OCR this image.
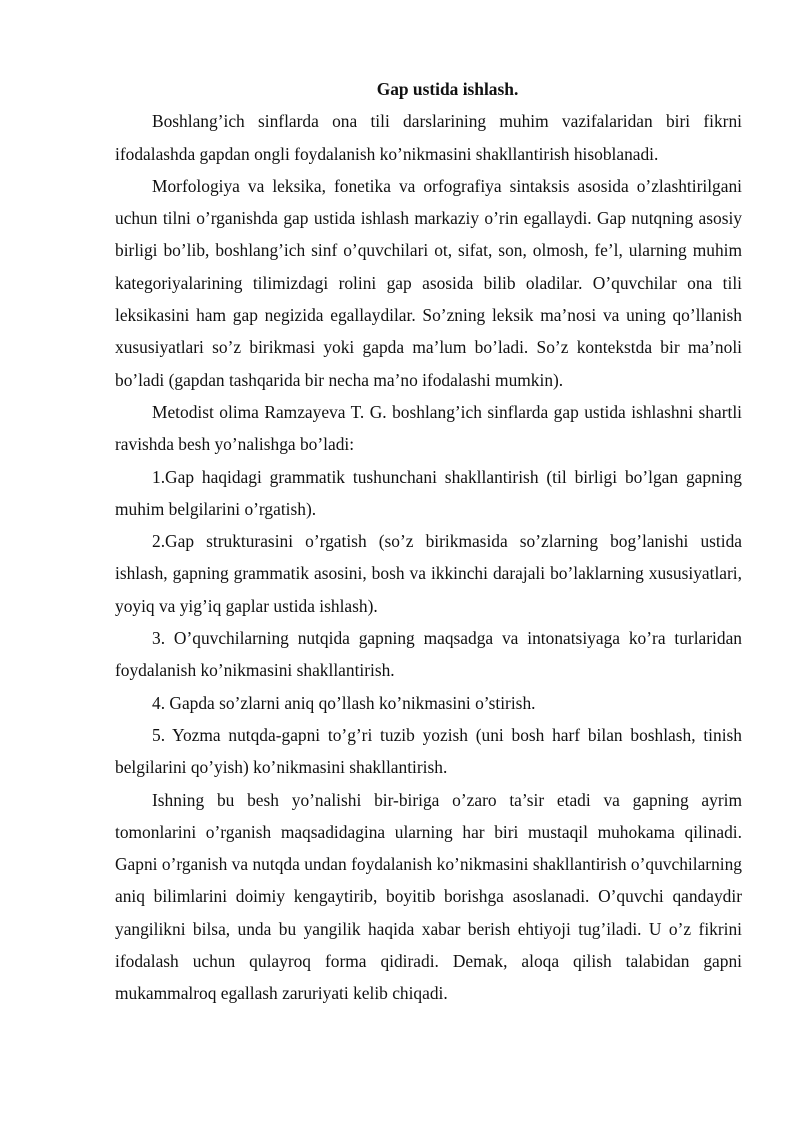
Gap ustida ishlash.

Boshlang’ich sinflarda ona tili darslarining muhim vazifalaridan biri fikrni ifodalashda gapdan ongli foydalanish ko’nikmasini shakllantirish hisoblanadi.

Morfologiya va leksika, fonetika va orfografiya sintaksis asosida o’zlashtirilgani uchun tilni o’rganishda gap ustida ishlash markaziy o’rin egallaydi. Gap nutqning asosiy birligi bo’lib, boshlang’ich sinf o’quvchilari ot, sifat, son, olmosh, fe’l, ularning muhim kategoriyalarining tilimizdagi rolini gap asosida bilib oladilar. O’quvchilar ona tili leksikasini ham gap negizida egallaydilar. So’zning leksik ma’nosi va uning qo’llanish xususiyatlari so’z birikmasi yoki gapda ma’lum bo’ladi. So’z kontekstda bir ma’noli bo’ladi (gapdan tashqarida bir necha ma’no ifodalashi mumkin).

Metodist olima Ramzayeva T. G. boshlang’ich sinflarda gap ustida ishlashni shartli ravishda besh yo’nalishga bo’ladi:

1.Gap haqidagi grammatik tushunchani shakllantirish (til birligi bo’lgan gapning muhim belgilarini o’rgatish).

2.Gap strukturasini o’rgatish (so’z birikmasida so’zlarning bog’lanishi ustida ishlash, gapning grammatik asosini, bosh va ikkinchi darajali bo’laklarning xususiyatlari, yoyiq va yig’iq gaplar ustida ishlash).

3. O’quvchilarning nutqida gapning maqsadga va intonatsiyaga ko’ra turlaridan foydalanish ko’nikmasini shakllantirish.

4. Gapda so’zlarni aniq qo’llash ko’nikmasini o’stirish.

5. Yozma nutqda-gapni to’g’ri tuzib yozish (uni bosh harf bilan boshlash, tinish belgilarini qo’yish) ko’nikmasini shakllantirish.

Ishning bu besh yo’nalishi bir-biriga o’zaro ta’sir etadi va gapning ayrim tomonlarini o’rganish maqsadidagina ularning har biri mustaqil muhokama qilinadi. Gapni o’rganish va nutqda undan foydalanish ko’nikmasini shakllantirish o’quvchilarning aniq bilimlarini doimiy kengaytirib, boyitib borishga asoslanadi. O’quvchi qandaydir yangilikni bilsa, unda bu yangilik haqida xabar berish ehtiyoji tug’iladi. U o’z fikrini ifodalash uchun qulayroq forma qidiradi. Demak, aloqa qilish talabidan gapni mukammalroq egallash zaruriyati kelib chiqadi.
